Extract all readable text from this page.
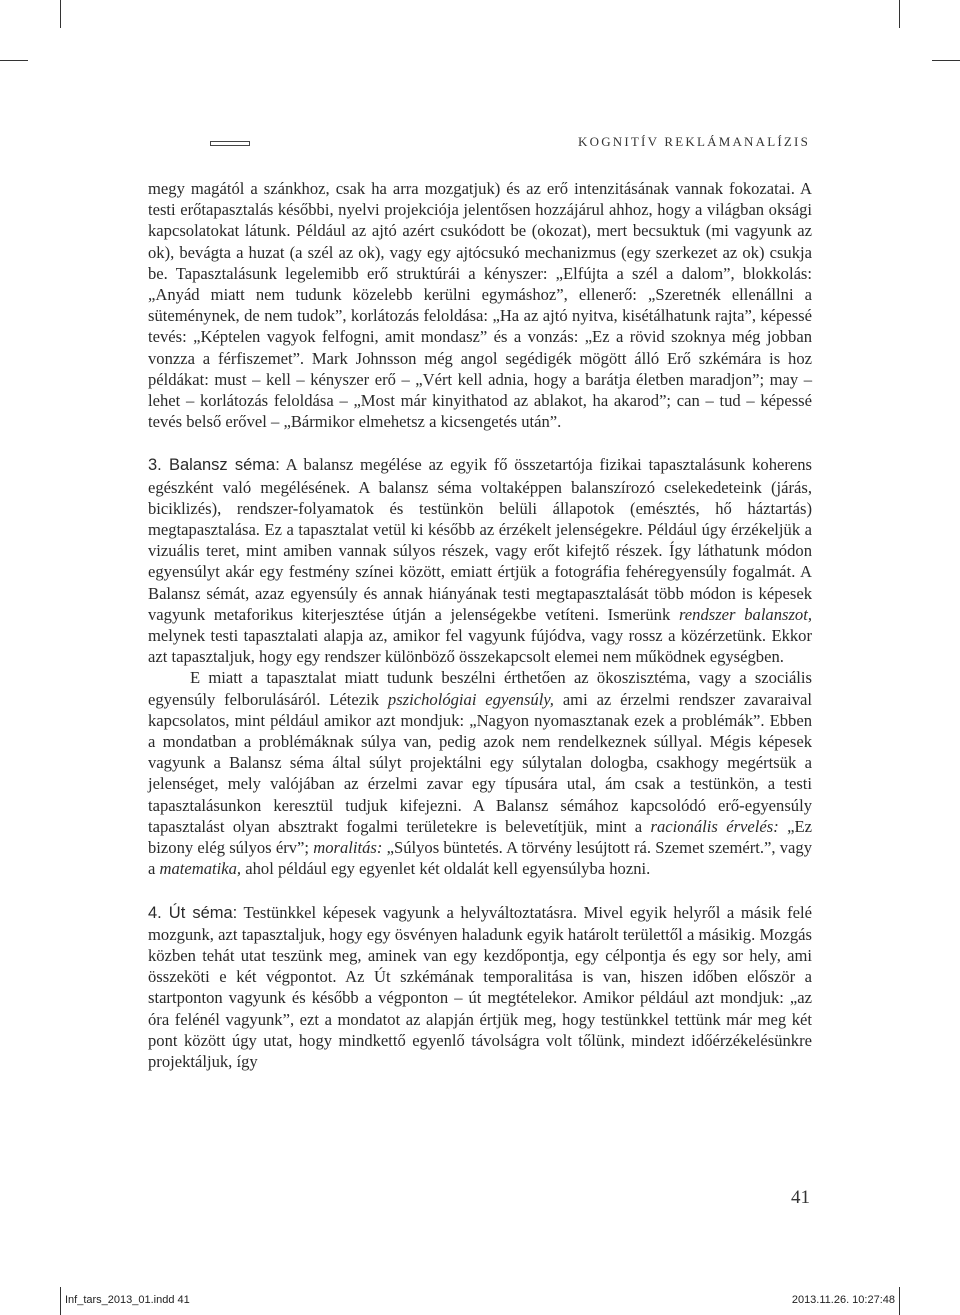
KOGNITÍV REKLÁMANALÍZIS

megy magától a szánkhoz, csak ha arra mozgatjuk) és az erő intenzitásának vannak fokozatai. A testi erőtapasztalás későbbi, nyelvi projekciója jelentősen hozzájárul ahhoz, hogy a világban oksági kapcsolatokat látunk. Például az ajtó azért csukódott be (okozat), mert becsuktuk (mi vagyunk az ok), bevágta a huzat (a szél az ok), vagy egy ajtócsukó mechanizmus (egy szerkezet az ok) csukja be. Tapasztalásunk legelemibb erő struktúrái a kényszer: „Elfújta a szél a dalom”, blokkolás: „Anyád miatt nem tudunk közelebb kerülni egymáshoz”, ellenerő: „Szeretnék ellenállni a süteménynek, de nem tudok”, korlátozás feloldása: „Ha az ajtó nyitva, kisétálhatunk rajta”, képessé tevés: „Képtelen vagyok felfogni, amit mondasz” és a vonzás: „Ez a rövid szoknya még jobban vonzza a férfiszemet”. Mark Johnsson még angol segédigék mögött álló Erő szkémára is hoz példákat: must – kell – kényszer erő – „Vért kell adnia, hogy a barátja életben maradjon”; may – lehet – korlátozás feloldása – „Most már kinyithatod az ablakot, ha akarod”; can – tud – képessé tevés belső erővel – „Bármikor elmehetsz a kicsengetés után”.

3. Balansz séma: A balansz megélése az egyik fő összetartója fizikai tapasztalásunk koherens egészként való megélésének. A balansz séma voltaképpen balanszírozó cselekedeteink (járás, biciklizés), rendszer-folyamatok és testünkön belüli állapotok (emésztés, hő háztartás) megtapasztalása. Ez a tapasztalat vetül ki később az érzékelt jelenségekre. Például úgy érzékeljük a vizuális teret, mint amiben vannak súlyos részek, vagy erőt kifejtő részek. Így láthatunk módon egyensúlyt akár egy festmény színei között, emiatt értjük a fotográfia fehéregyensúly fogalmát. A Balansz sémát, azaz egyensúly és annak hiányának testi megtapasztalását több módon is képesek vagyunk metaforikus kiterjesztése útján a jelenségekbe vetíteni. Ismerünk rendszer balanszot, melynek testi tapasztalati alapja az, amikor fel vagyunk fújódva, vagy rossz a közérzetünk. Ekkor azt tapasztaljuk, hogy egy rendszer különböző összekapcsolt elemei nem működnek egységben.

E miatt a tapasztalat miatt tudunk beszélni érthetően az ökoszisztéma, vagy a szociális egyensúly felborulásáról. Létezik pszichológiai egyensúly, ami az érzelmi rendszer zavaraival kapcsolatos, mint például amikor azt mondjuk: „Nagyon nyomasztanak ezek a problémák”. Ebben a mondatban a problémáknak súlya van, pedig azok nem rendelkeznek súllyal. Mégis képesek vagyunk a Balansz séma által súlyt projektálni egy súlytalan dologba, csakhogy megértsük a jelenséget, mely valójában az érzelmi zavar egy típusára utal, ám csak a testünkön, a testi tapasztalásunkon keresztül tudjuk kifejezni. A Balansz sémához kapcsolódó erő-egyensúly tapasztalást olyan absztrakt fogalmi területekre is belevetítjük, mint a racionális érvelés: „Ez bizony elég súlyos érv”; moralitás: „Súlyos büntetés. A törvény lesújtott rá. Szemet szemért.”, vagy a matematika, ahol például egy egyenlet két oldalát kell egyensúlyba hozni.

4. Út séma: Testünkkel képesek vagyunk a helyváltoztatásra. Mivel egyik helyről a másik felé mozgunk, azt tapasztaljuk, hogy egy ösvényen haladunk egyik határolt területtől a másikig. Mozgás közben tehát utat teszünk meg, aminek van egy kezdőpontja, egy célpontja és egy sor hely, ami összeköti e két végpontot. Az Út szkémának temporalitása is van, hiszen időben először a startponton vagyunk és később a végponton – út megtételekor. Amikor például azt mondjuk: „az óra felénél vagyunk”, ezt a mondatot az alapján értjük meg, hogy testünkkel tettünk már meg két pont között úgy utat, hogy mindkettő egyenlő távolságra volt tőlünk, mindezt időérzékelésünkre projektáljuk, így

41
Inf_tars_2013_01.indd 41	2013.11.26. 10:27:48
